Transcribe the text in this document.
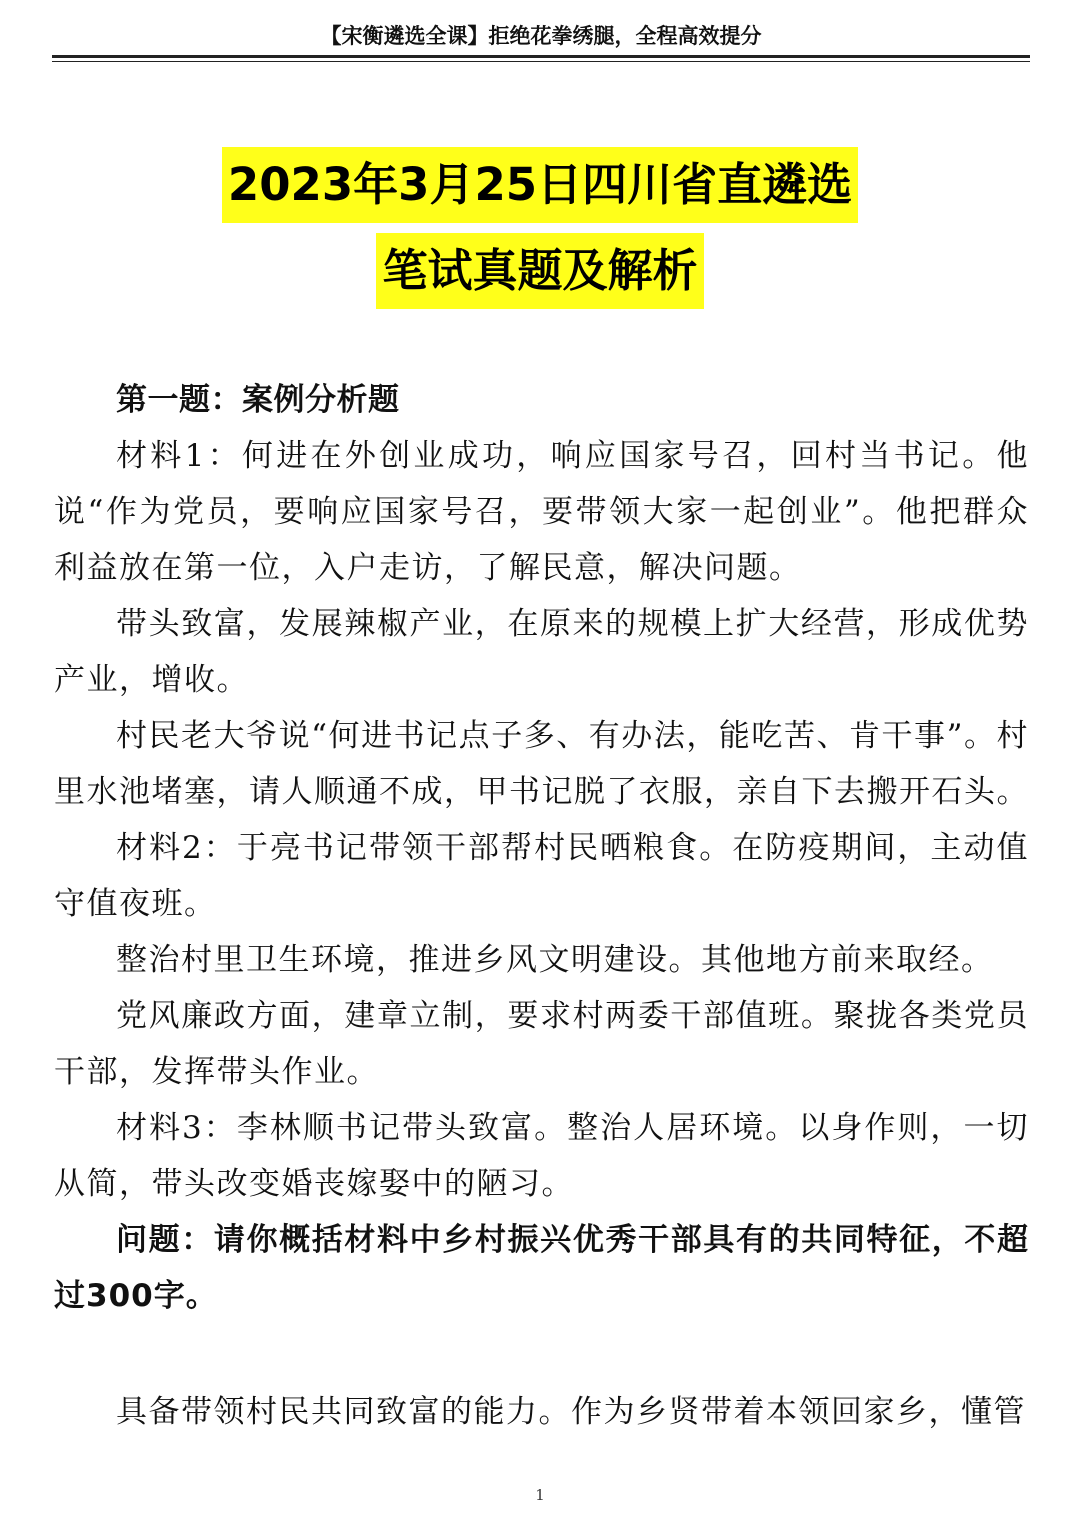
【宋衡遴选全课】拒绝花拳绣腿，全程高效提分
2023年3月25日四川省直遴选
笔试真题及解析

第一题：案例分析题

材料1：何进在外创业成功，响应国家号召，回村当书记。他说“作为党员，要响应国家号召，要带领大家一起创业”。他把群众利益放在第一位，入户走访，了解民意，解决问题。

带头致富，发展辣椒产业，在原来的规模上扩大经营，形成优势产业，增收。

村民老大爷说“何进书记点子多、有办法，能吃苦、肯干事”。村里水池堵塞，请人顺通不成，甲书记脱了衣服，亲自下去搬开石头。

材料2：于亮书记带领干部帮村民晒粮食。在防疫期间，主动值守值夜班。

整治村里卫生环境，推进乡风文明建设。其他地方前来取经。

党风廉政方面，建章立制，要求村两委干部值班。聚拢各类党员干部，发挥带头作业。

材料3：李林顺书记带头致富。整治人居环境。以身作则，一切从简，带头改变婚丧嫁娶中的陋习。

问题：请你概括材料中乡村振兴优秀干部具有的共同特征，不超过300字。

具备带领村民共同致富的能力。作为乡贤带着本领回家乡，懂管

1
